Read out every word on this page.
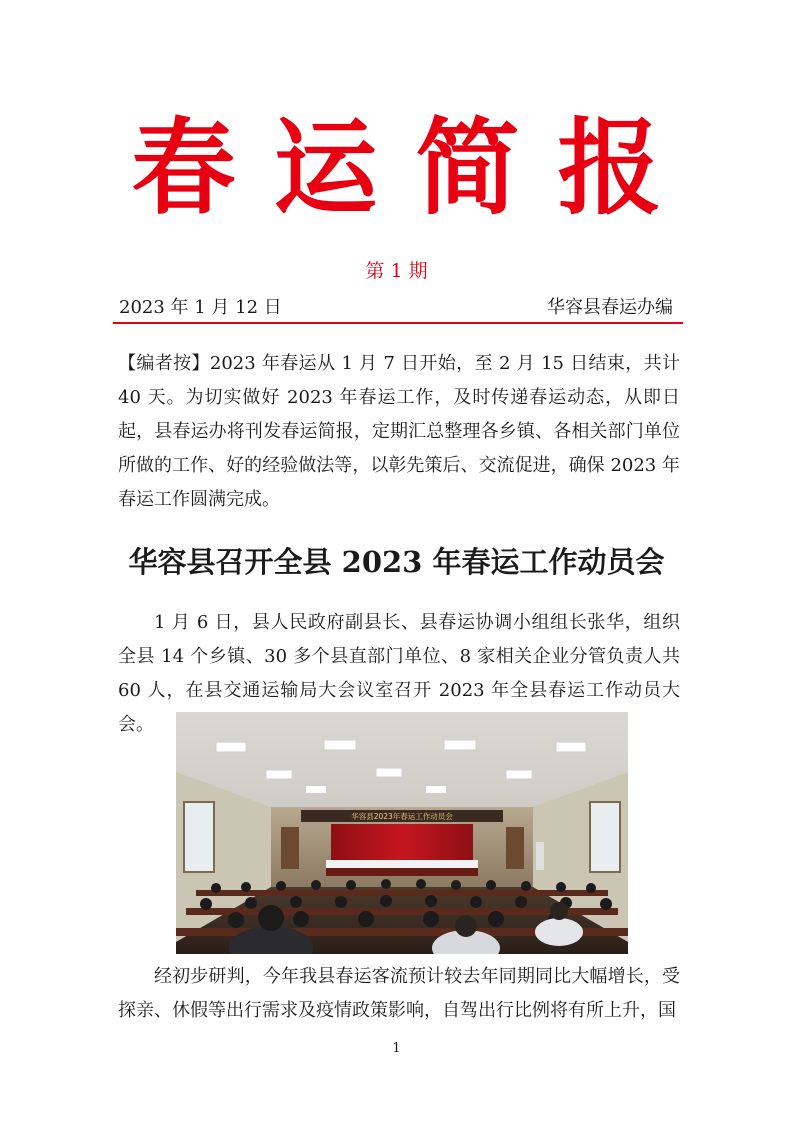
春运简报
第 1 期
2023 年 1 月 12 日	华容县春运办编
【编者按】2023 年春运从 1 月 7 日开始，至 2 月 15 日结束，共计 40 天。为切实做好 2023 年春运工作，及时传递春运动态，从即日起，县春运办将刊发春运简报，定期汇总整理各乡镇、各相关部门单位所做的工作、好的经验做法等，以彰先策后、交流促进，确保 2023 年春运工作圆满完成。
华容县召开全县 2023 年春运工作动员会
1 月 6 日，县人民政府副县长、县春运协调小组组长张华，组织全县 14 个乡镇、30 多个县直部门单位、8 家相关企业分管负责人共 60 人，在县交通运输局大会议室召开 2023 年全县春运工作动员大会。
华容县2023年春运工作动员会
经初步研判，今年我县春运客流预计较去年同期同比大幅增长，受探亲、休假等出行需求及疫情政策影响，自驾出行比例将有所上升，国
1
